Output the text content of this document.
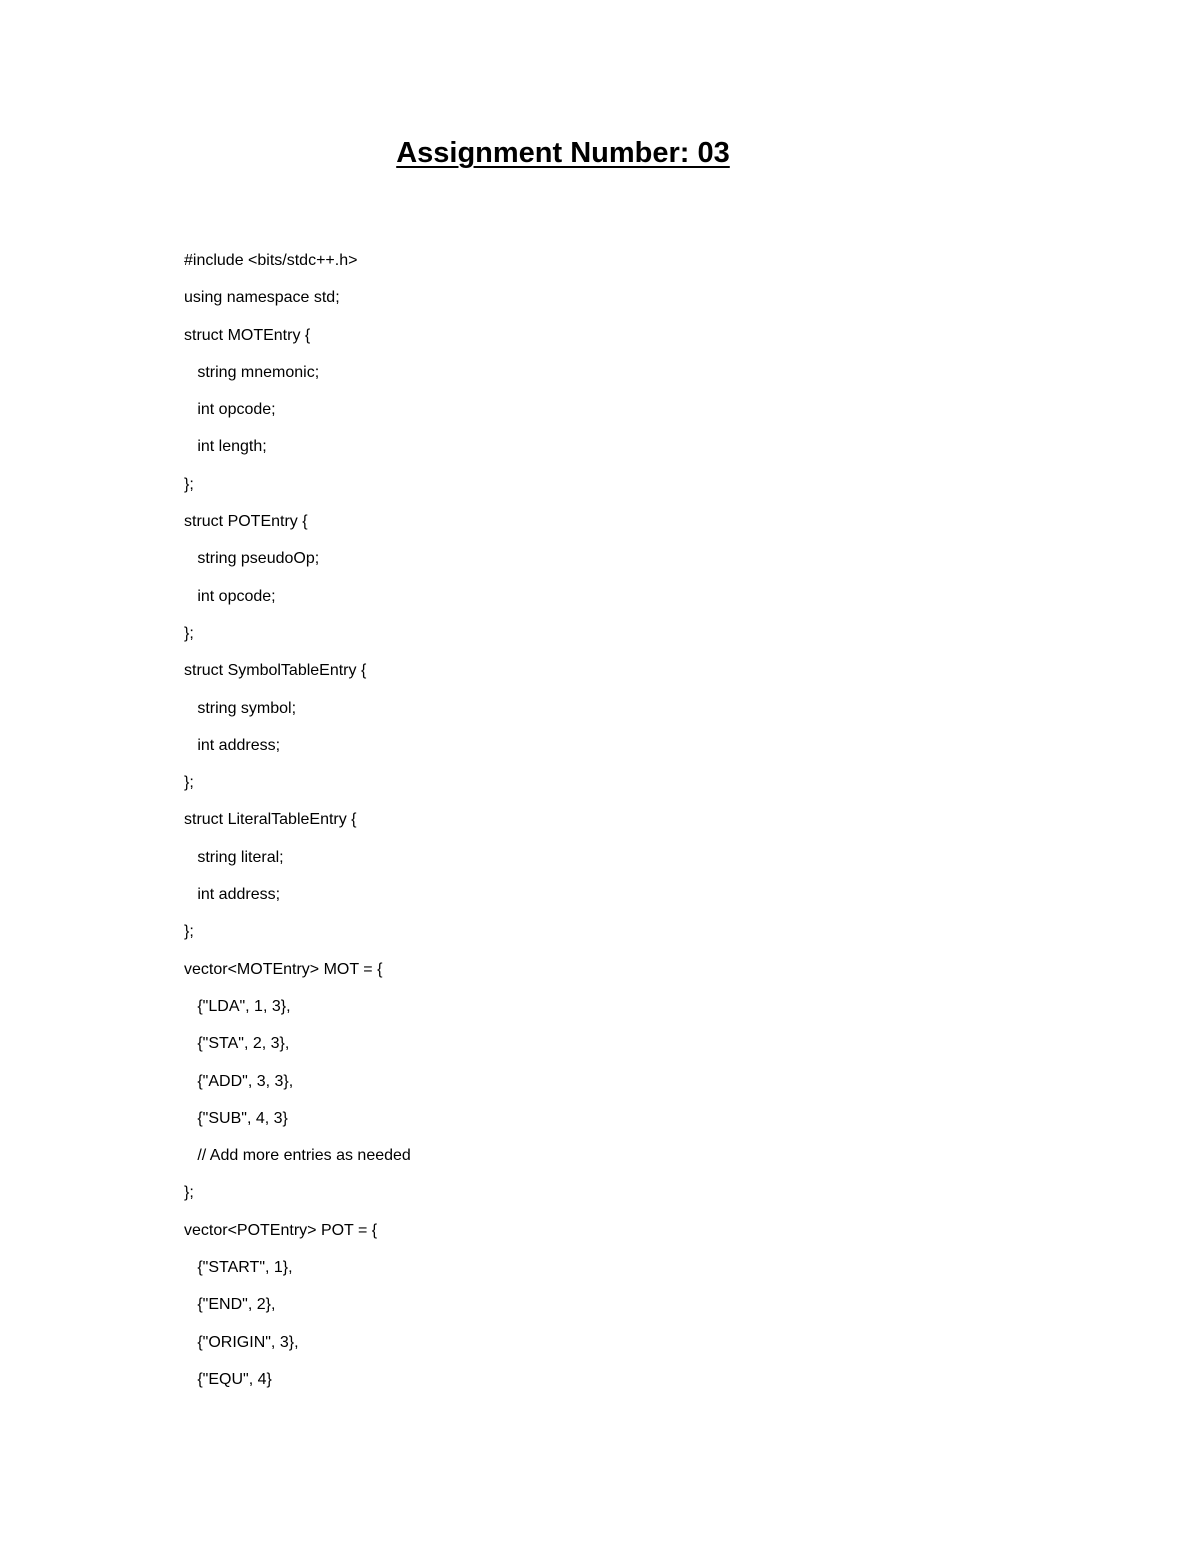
Assignment Number: 03
#include <bits/stdc++.h>
using namespace std;
struct MOTEntry {
string mnemonic;
int opcode;
int length;
};
struct POTEntry {
string pseudoOp;
int opcode;
};
struct SymbolTableEntry {
string symbol;
int address;
};
struct LiteralTableEntry {
string literal;
int address;
};
vector<MOTEntry> MOT = {
{"LDA", 1, 3},
{"STA", 2, 3},
{"ADD", 3, 3},
{"SUB", 4, 3}
// Add more entries as needed
};
vector<POTEntry> POT = {
{"START", 1},
{"END", 2},
{"ORIGIN", 3},
{"EQU", 4}
